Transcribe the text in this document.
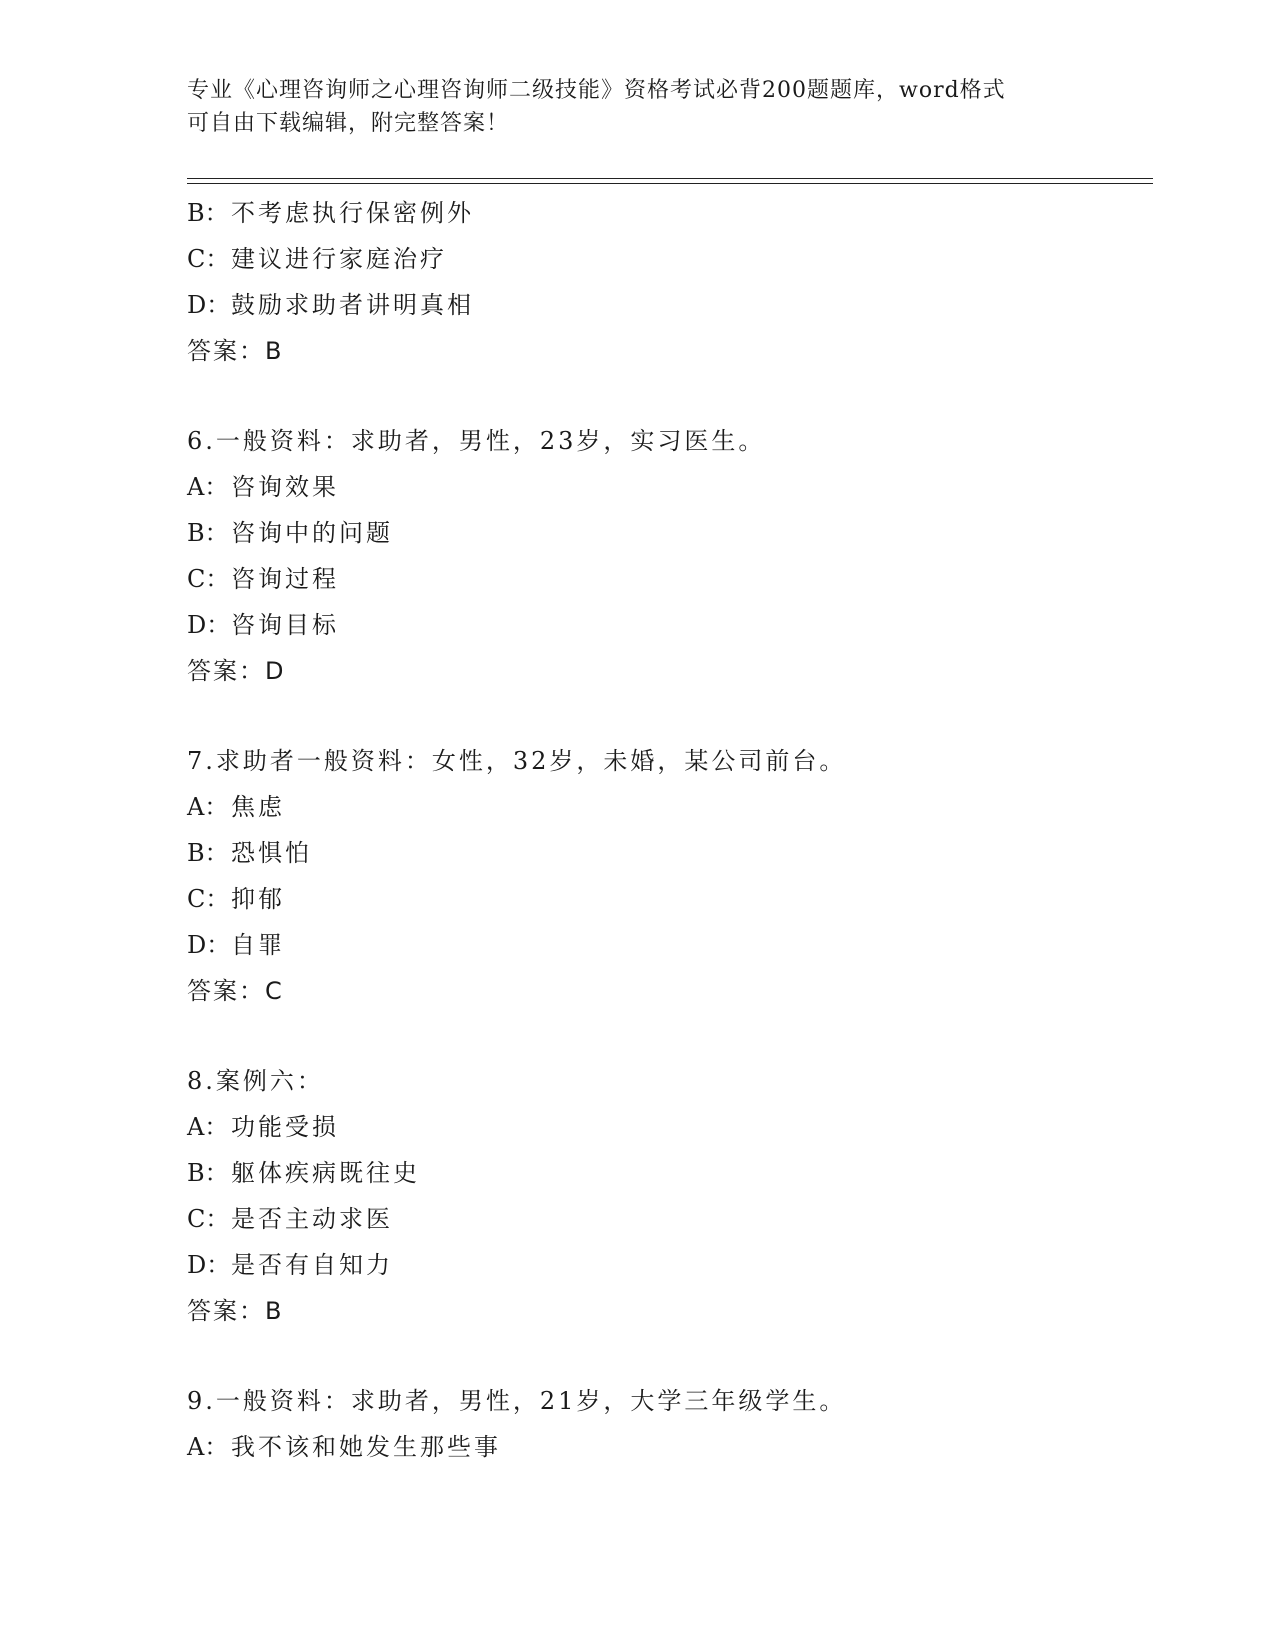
专业《心理咨询师之心理咨询师二级技能》资格考试必背200题题库，word格式
可自由下载编辑，附完整答案！
B：不考虑执行保密例外
C：建议进行家庭治疗
D：鼓励求助者讲明真相
答案：B
6.一般资料：求助者，男性，23岁，实习医生。
A： 咨询效果
B：咨询中的问题
C：咨询过程
D：咨询目标
答案：D
7.求助者一般资料：女性，32岁，未婚，某公司前台。
A： 焦虑
B：恐惧怕
C：抑郁
D：自罪
答案：C
8.案例六：
A： 功能受损
B：躯体疾病既往史
C：是否主动求医
D：是否有自知力
答案：B
9.一般资料：求助者，男性，21岁，大学三年级学生。
A： 我不该和她发生那些事
